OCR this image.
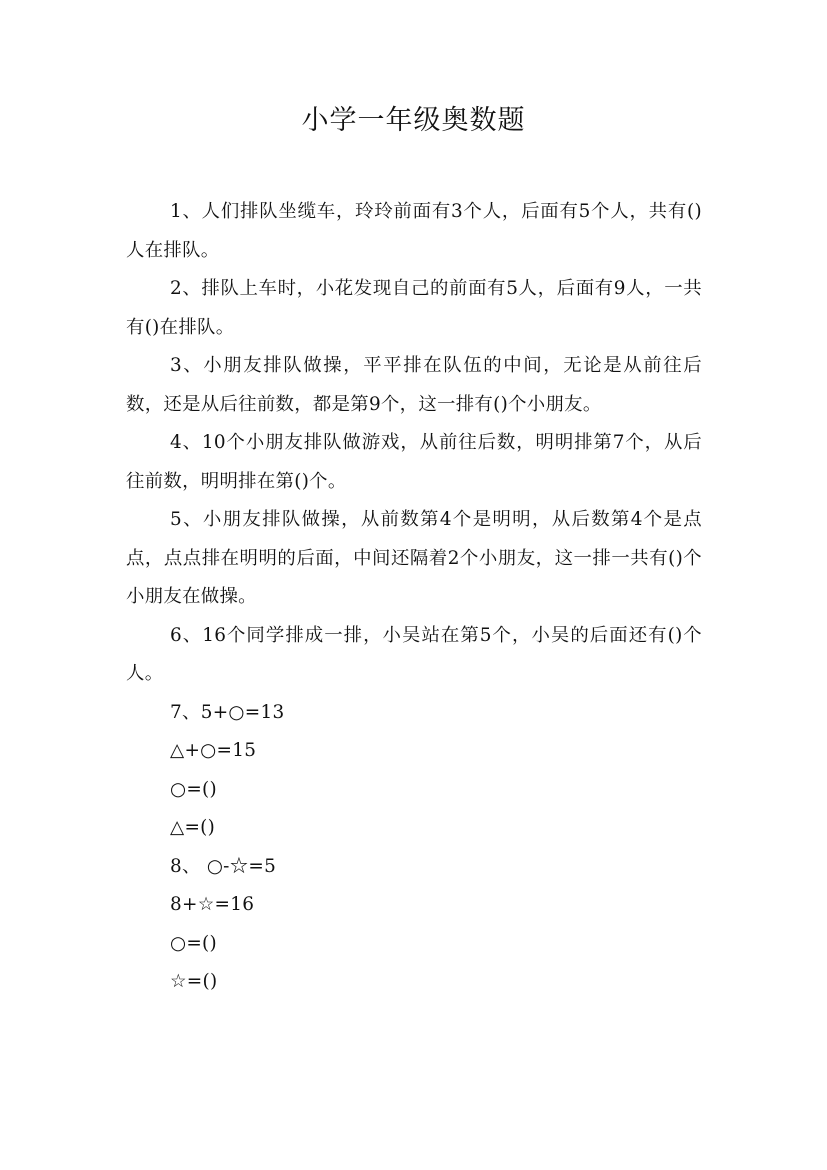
小学一年级奥数题

1、人们排队坐缆车，玲玲前面有3个人，后面有5个人，共有()人在排队。

2、排队上车时，小花发现自己的前面有5人，后面有9人，一共有()在排队。

3、小朋友排队做操，平平排在队伍的中间，无论是从前往后数，还是从后往前数，都是第9个，这一排有()个小朋友。

4、10个小朋友排队做游戏，从前往后数，明明排第7个，从后往前数，明明排在第()个。

5、小朋友排队做操，从前数第4个是明明，从后数第4个是点点，点点排在明明的后面，中间还隔着2个小朋友，这一排一共有()个小朋友在做操。

6、16个同学排成一排，小吴站在第5个，小吴的后面还有()个人。

7、5+○=13

△+○=15

○=()

△=()

8、 ○-☆=5

8+☆=16

○=()

☆=()
